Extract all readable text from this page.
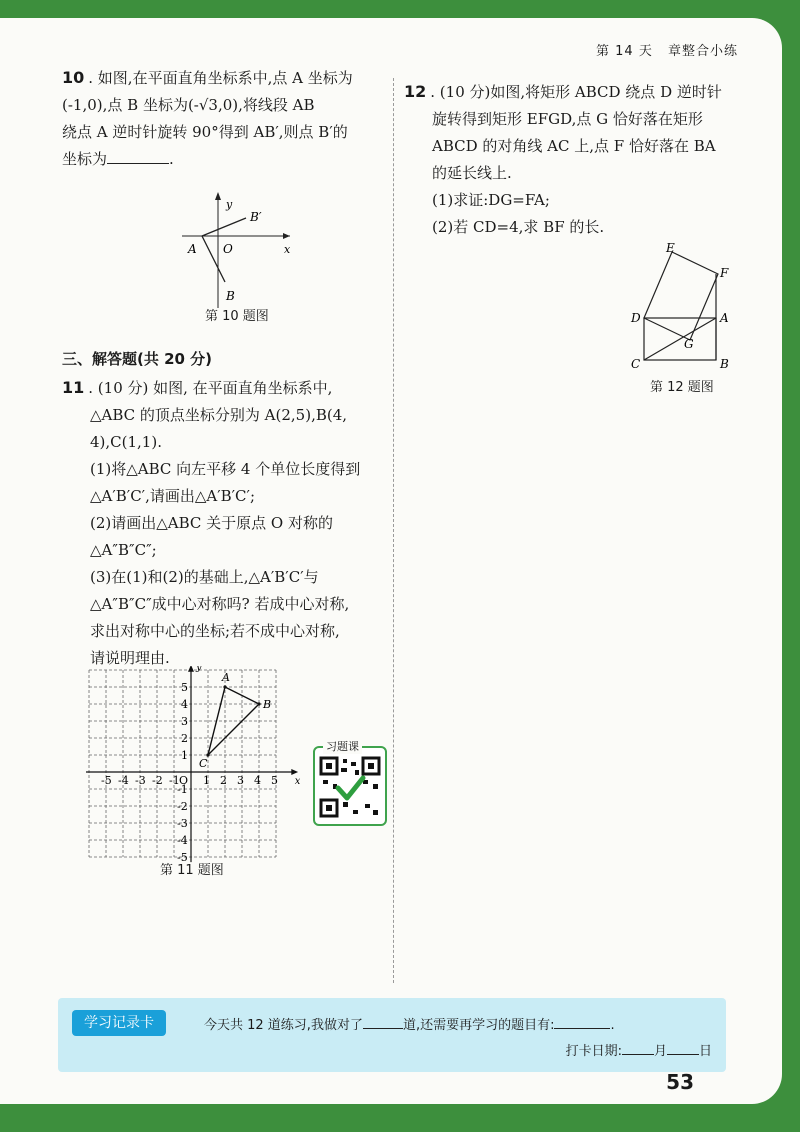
第 14 天 章整合小练
10 . 如图,在平面直角坐标系中,点 A 坐标为
(-1,0),点 B 坐标为(-√3,0),将线段 AB
绕点 A 逆时针旋转 90°得到 AB′,则点 B′的
坐标为	.
y
x
A O
B
B′
第 10 题图
三、解答题(共 20 分)
11 . (10 分) 如图, 在平面直角坐标系中,
△ABC 的顶点坐标分别为 A(2,5),B(4,
4),C(1,1).
(1)将△ABC 向左平移 4 个单位长度得到
△A′B′C′,请画出△A′B′C′;
(2)请画出△ABC 关于原点 O 对称的
△A″B″C″;
(3)在(1)和(2)的基础上,△A′B′C′与
△A″B″C″成中心对称吗? 若成中心对称,
求出对称中心的坐标;若不成中心对称,
请说明理由.
x
y
-5 -4 -3 -2 -1 O 1 2 3 4 5
5
4
3
2
1
-1
-2
-3
-4
-5
A
B
C
第 11 题图
习题课
12 . (10 分)如图,将矩形 ABCD 绕点 D 逆时针
旋转得到矩形 EFGD,点 G 恰好落在矩形
ABCD 的对角线 AC 上,点 F 恰好落在 BA
的延长线上.
(1)求证:DG=FA;
(2)若 CD=4,求 BF 的长.
E
F
D	A
G
C	B
第 12 题图
学习记录卡	今天共 12 道练习,我做对了	道,还需要再学习的题目有:	.
打卡日期: 月 日
53
